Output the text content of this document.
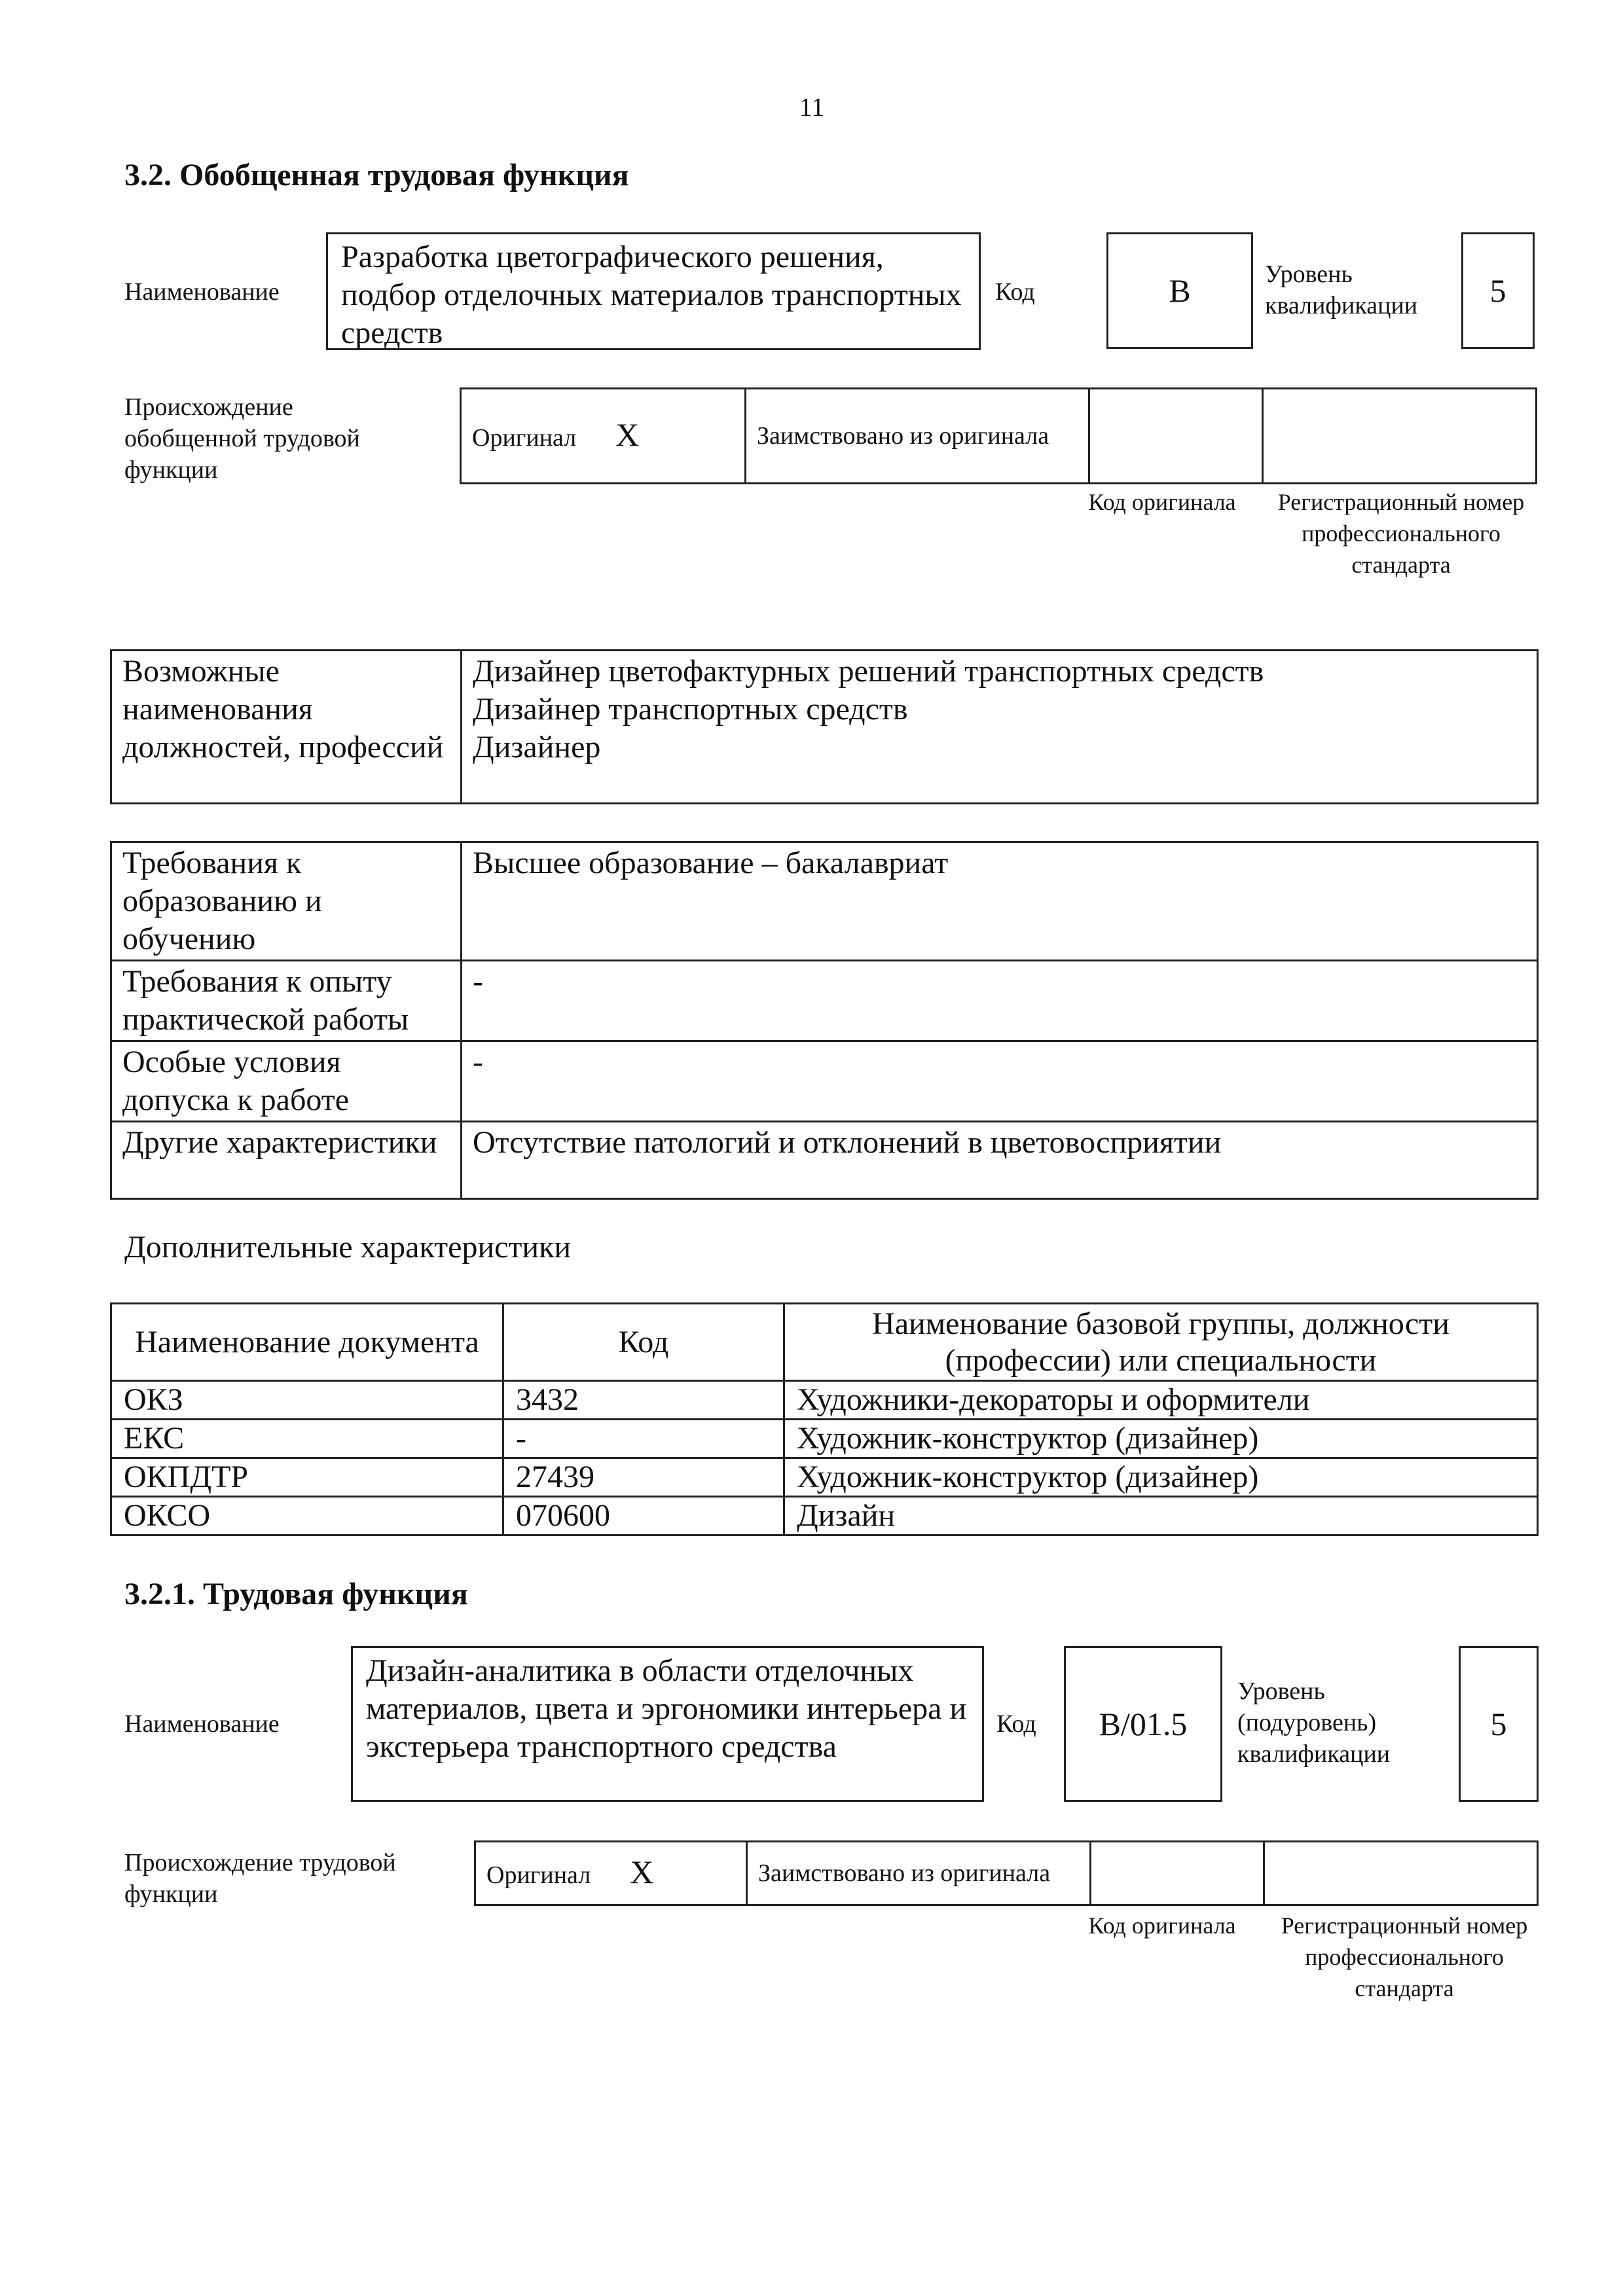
11
3.2. Обобщенная трудовая функция
Наименование
Разработка цветографического решения, подбор отделочных материалов транспортных средств
Код	B	Уровень квалификации	5
Происхождение обобщенной трудовой функции
Оригинал X	Заимствовано из оригинала		
Код оригинала	Регистрационный номер профессионального стандарта
Возможные наименования должностей, профессий	
Дизайнер цветофактурных решений транспортных средств
Дизайнер транспортных средств
Дизайнер
Требования к образованию и обучению	Высшее образование – бакалавриат
Требования к опыту практической работы	-
Особые условия допуска к работе	-
Другие характеристики	Отсутствие патологий и отклонений в цветовосприятии
Дополнительные характеристики
Наименование документа	Код	Наименование базовой группы, должности (профессии) или специальности
ОКЗ	3432	Художники-декораторы и оформители
ЕКС	-	Художник-конструктор (дизайнер)
ОКПДТР	27439	Художник-конструктор (дизайнер)
ОКСО	070600	Дизайн
3.2.1. Трудовая функция
Наименование
Дизайн-аналитика в области отделочных материалов, цвета и эргономики интерьера и экстерьера транспортного средства
Код	B/01.5
Уровень (подуровень) квалификации
5
Происхождение трудовой функции
Оригинал X	Заимствовано из оригинала		
Код оригинала	Регистрационный номер профессионального стандарта
